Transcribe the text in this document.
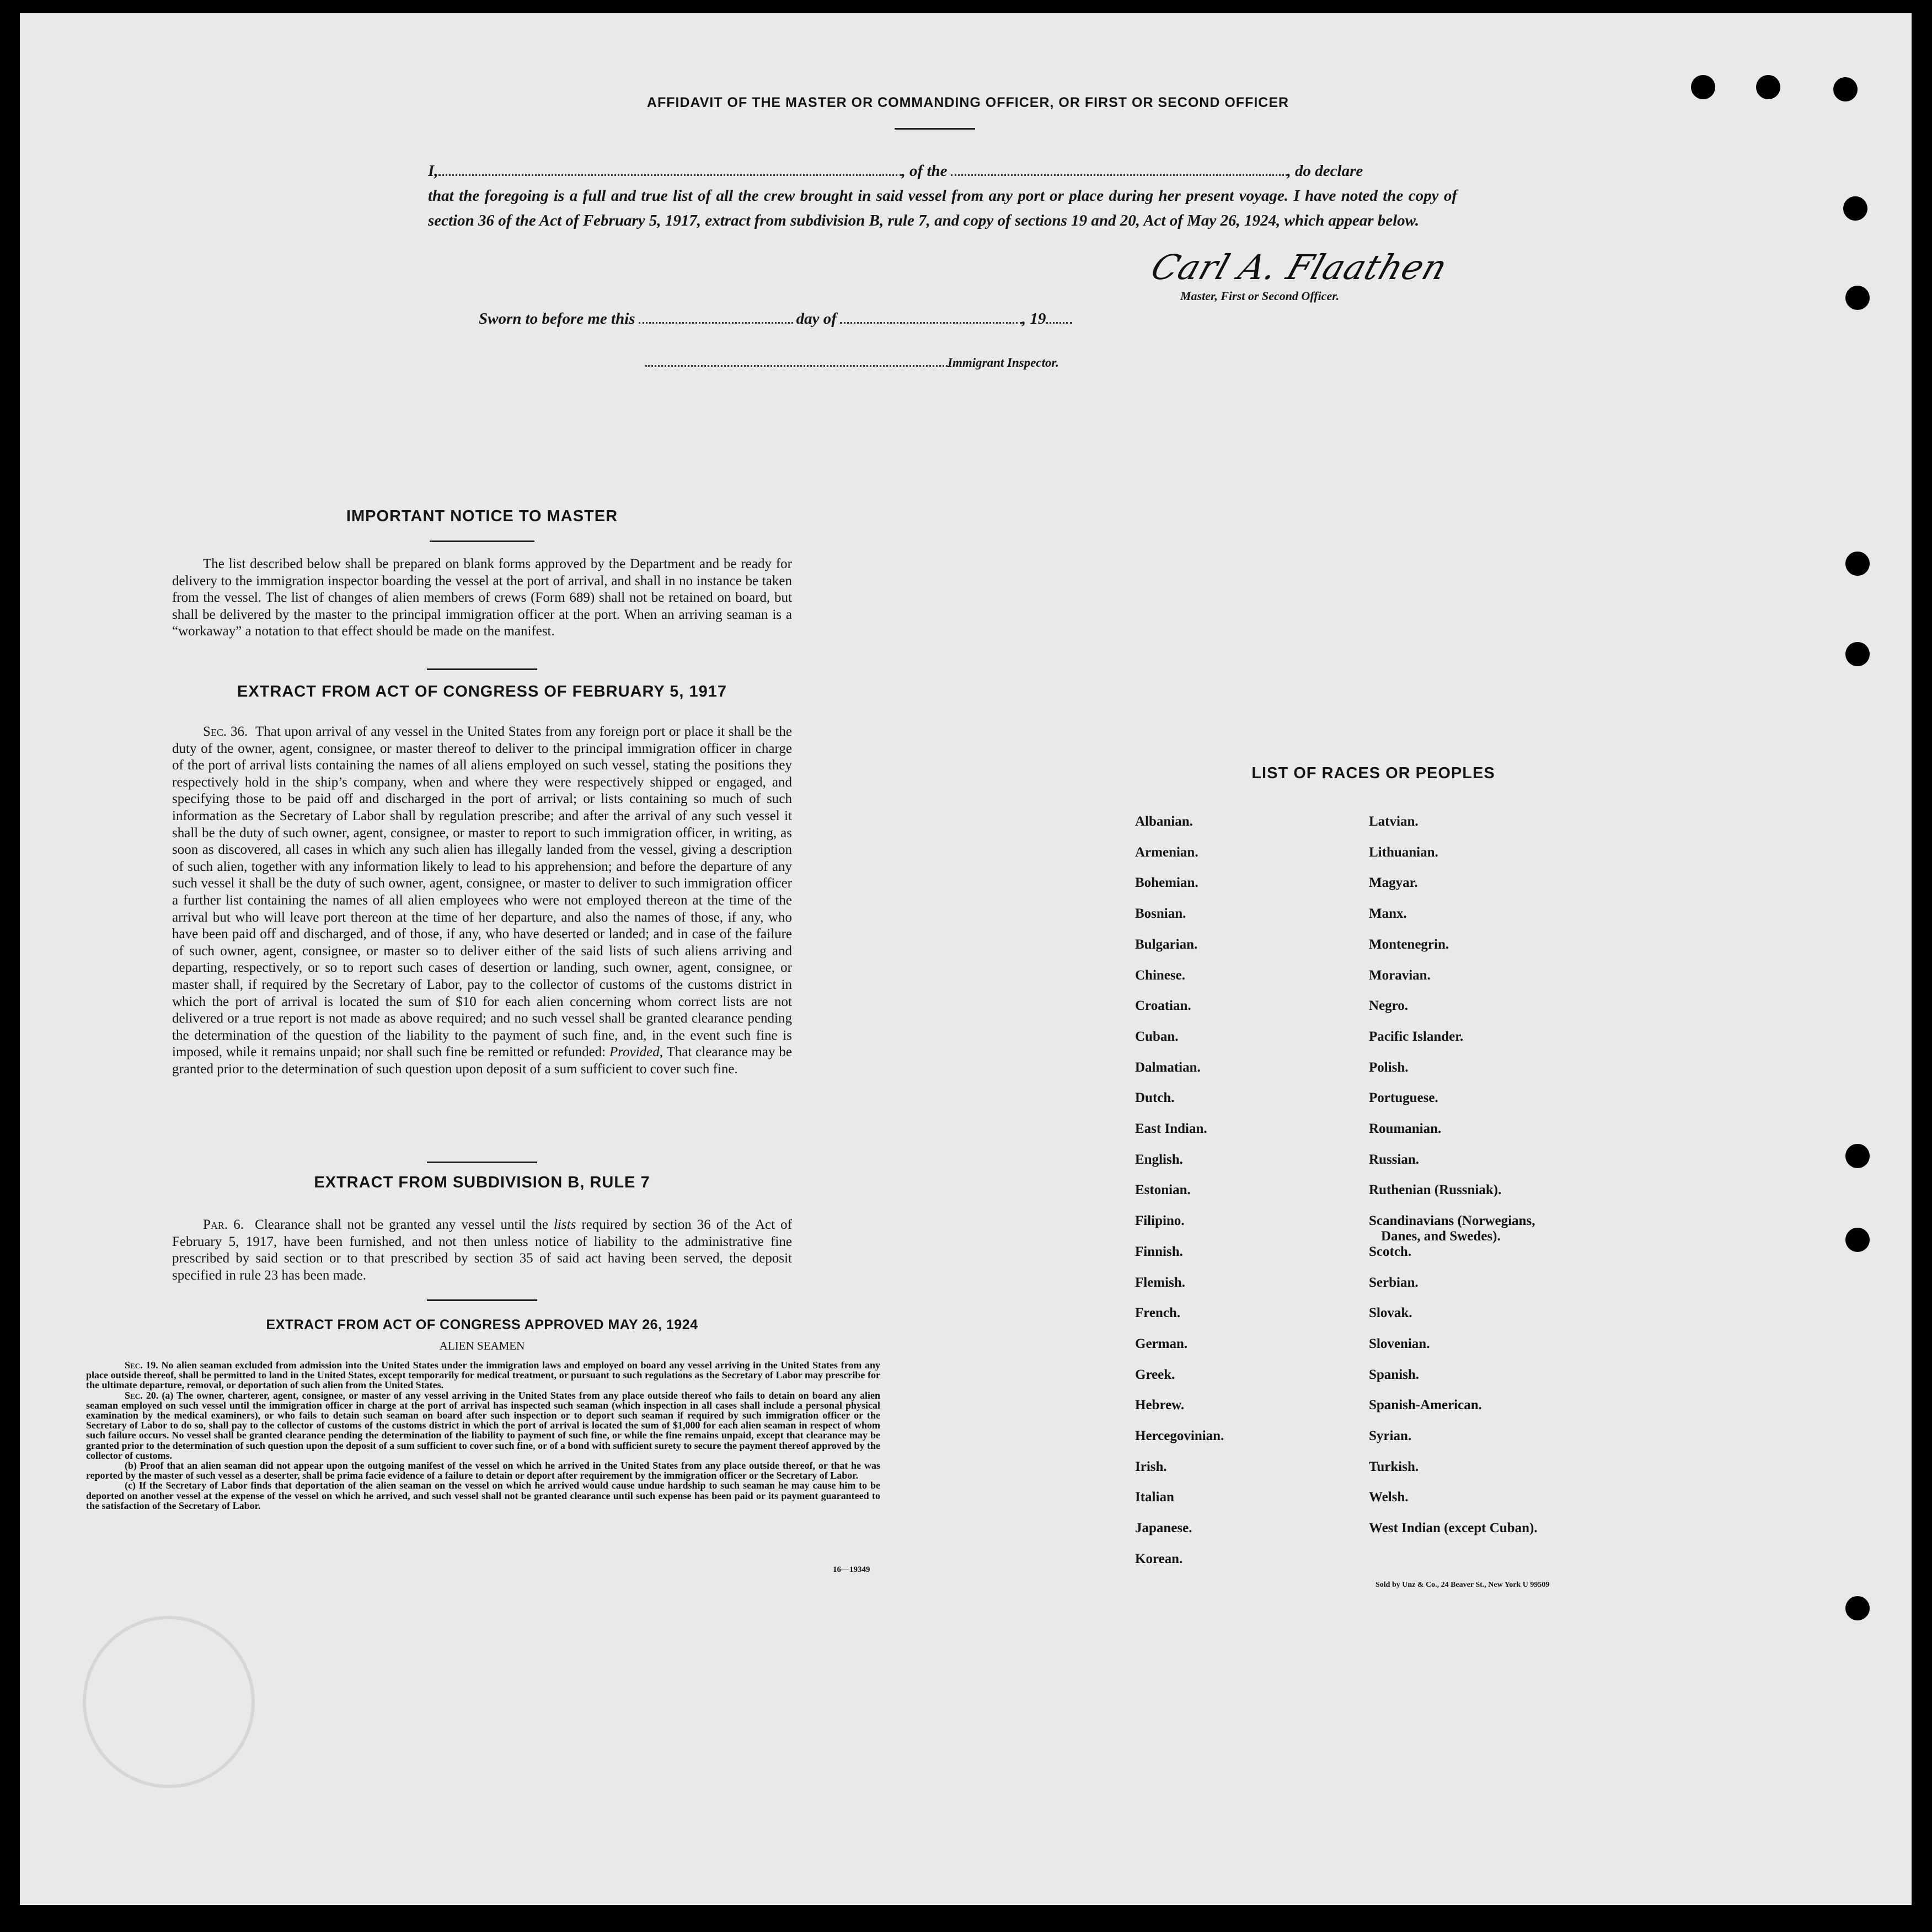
AFFIDAVIT OF THE MASTER OR COMMANDING OFFICER, OR FIRST OR SECOND OFFICER
I,	, of the	, do declare
that the foregoing is a full and true list of all the crew brought in said vessel from any port or place during her present voyage. I have noted the copy of section 36 of the Act of February 5, 1917, extract from subdivision B, rule 7, and copy of sections 19 and 20, Act of May 26, 1924, which appear below.
Carl A. Flaathen
Master, First or Second Officer.
Sworn to before me this	day of	, 19
Immigrant Inspector.
IMPORTANT NOTICE TO MASTER
The list described below shall be prepared on blank forms approved by the Department and be ready for delivery to the immigration inspector boarding the vessel at the port of arrival, and shall in no instance be taken from the vessel. The list of changes of alien members of crews (Form 689) shall not be retained on board, but shall be delivered by the master to the principal immigration officer at the port. When an arriving seaman is a “workaway” a notation to that effect should be made on the manifest.
EXTRACT FROM ACT OF CONGRESS OF FEBRUARY 5, 1917
Sec. 36. That upon arrival of any vessel in the United States from any foreign port or place it shall be the duty of the owner, agent, consignee, or master thereof to deliver to the principal immigration officer in charge of the port of arrival lists containing the names of all aliens employed on such vessel, stating the positions they respectively hold in the ship’s company, when and where they were respectively shipped or engaged, and specifying those to be paid off and discharged in the port of arrival; or lists containing so much of such information as the Secretary of Labor shall by regulation prescribe; and after the arrival of any such vessel it shall be the duty of such owner, agent, consignee, or master to report to such immigration officer, in writing, as soon as discovered, all cases in which any such alien has illegally landed from the vessel, giving a description of such alien, together with any information likely to lead to his apprehension; and before the departure of any such vessel it shall be the duty of such owner, agent, consignee, or master to deliver to such immigration officer a further list containing the names of all alien employees who were not employed thereon at the time of the arrival but who will leave port thereon at the time of her departure, and also the names of those, if any, who have been paid off and discharged, and of those, if any, who have deserted or landed; and in case of the failure of such owner, agent, consignee, or master so to deliver either of the said lists of such aliens arriving and departing, respectively, or so to report such cases of desertion or landing, such owner, agent, consignee, or master shall, if required by the Secretary of Labor, pay to the collector of customs of the customs district in which the port of arrival is located the sum of $10 for each alien concerning whom correct lists are not delivered or a true report is not made as above required; and no such vessel shall be granted clearance pending the determination of the question of the liability to the payment of such fine, and, in the event such fine is imposed, while it remains unpaid; nor shall such fine be remitted or refunded: Provided, That clearance may be granted prior to the determination of such question upon deposit of a sum sufficient to cover such fine.
EXTRACT FROM SUBDIVISION B, RULE 7
Par. 6. Clearance shall not be granted any vessel until the lists required by section 36 of the Act of February 5, 1917, have been furnished, and not then unless notice of liability to the administrative fine prescribed by said section or to that prescribed by section 35 of said act having been served, the deposit specified in rule 23 has been made.
EXTRACT FROM ACT OF CONGRESS APPROVED MAY 26, 1924
ALIEN SEAMEN
Sec. 19. No alien seaman excluded from admission into the United States under the immigration laws and employed on board any vessel arriving in the United States from any place outside thereof, shall be permitted to land in the United States, except temporarily for medical treatment, or pursuant to such regulations as the Secretary of Labor may prescribe for the ultimate departure, removal, or deportation of such alien from the United States.
Sec. 20. (a) The owner, charterer, agent, consignee, or master of any vessel arriving in the United States from any place outside thereof who fails to detain on board any alien seaman employed on such vessel until the immigration officer in charge at the port of arrival has inspected such seaman (which inspection in all cases shall include a personal physical examination by the medical examiners), or who fails to detain such seaman on board after such inspection or to deport such seaman if required by such immigration officer or the Secretary of Labor to do so, shall pay to the collector of customs of the customs district in which the port of arrival is located the sum of $1,000 for each alien seaman in respect of whom such failure occurs. No vessel shall be granted clearance pending the determination of the liability to payment of such fine, or while the fine remains unpaid, except that clearance may be granted prior to the determination of such question upon the deposit of a sum sufficient to cover such fine, or of a bond with sufficient surety to secure the payment thereof approved by the collector of customs.
(b) Proof that an alien seaman did not appear upon the outgoing manifest of the vessel on which he arrived in the United States from any place outside thereof, or that he was reported by the master of such vessel as a deserter, shall be prima facie evidence of a failure to detain or deport after requirement by the immigration officer or the Secretary of Labor.
(c) If the Secretary of Labor finds that deportation of the alien seaman on the vessel on which he arrived would cause undue hardship to such seaman he may cause him to be deported on another vessel at the expense of the vessel on which he arrived, and such vessel shall not be granted clearance until such expense has been paid or its payment guaranteed to the satisfaction of the Secretary of Labor.
16—19349
LIST OF RACES OR PEOPLES
Albanian.
Armenian.
Bohemian.
Bosnian.
Bulgarian.
Chinese.
Croatian.
Cuban.
Dalmatian.
Dutch.
East Indian.
English.
Estonian.
Filipino.
Finnish.
Flemish.
French.
German.
Greek.
Hebrew.
Hercegovinian.
Irish.
Italian
Japanese.
Korean.
Latvian.
Lithuanian.
Magyar.
Manx.
Montenegrin.
Moravian.
Negro.
Pacific Islander.
Polish.
Portuguese.
Roumanian.
Russian.
Ruthenian (Russniak).
Scandinavians (Norwegians,
Danes, and Swedes).
Scotch.
Serbian.
Slovak.
Slovenian.
Spanish.
Spanish-American.
Syrian.
Turkish.
Welsh.
West Indian (except Cuban).
Sold by Unz & Co., 24 Beaver St., New York U 99509
